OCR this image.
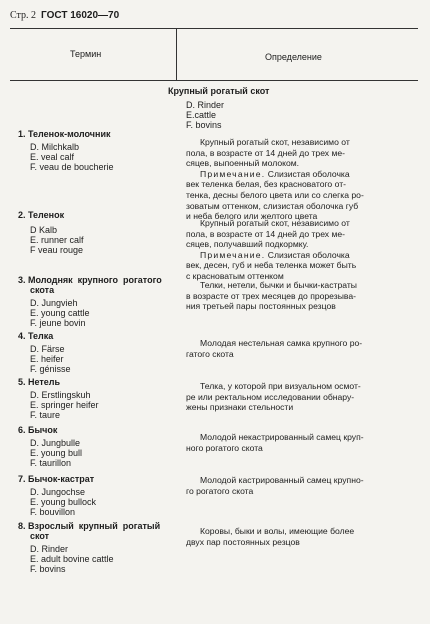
Стр. 2 ГОСТ 16020—70
Термин	Определение
Крупный рогатый скот
D. Rinder
E.cattle
F. bovins
1. Теленок-молочник
D. Milchkalb
E. veal calf
F. veau de boucherie
2. Теленок
D Kalb
E. runner calf
F veau rouge
3. Молодняк  крупного  рогатого
скота
D. Jungvieh
E. young cattle
F. jeune bovin
4. Телка
D. Färse
E. heifer
F. génisse
5. Нетель
D. Erstlingskuh
E. springer heifer
F. taure
6. Бычок
D. Jungbulle
E. young bull
F. taurillon
7. Бычок-кастрат
D. Jungochse
E. young bullock
F. bouvillon
8. Взрослый  крупный  рогатый
скот
D. Rinder
E. adult bovine cattle
F. bovins
Крупный рогатый скот, независимо от
пола, в возрасте от 14 дней до трех ме-
сяцев, выпоенный молоком.
Примечание. Слизистая оболочка
век теленка белая, без красноватого от-
тенка, десны белого цвета или со слегка ро-
зоватым оттенком, слизистая оболочка губ
и неба белого или желтого цвета
Крупный рогатый скот, независимо от
пола, в возрасте от 14 дней до трех ме-
сяцев, получавший подкормку.
Примечание. Слизистая оболочка
век, десен, губ и неба теленка может быть
с красноватым оттенком
Телки, нетели, бычки и бычки-кастраты
в возрасте от трех месяцев до прорезыва-
ния третьей пары постоянных резцов
Молодая нестельная самка крупного ро-
гатого скота
Телка, у которой при визуальном осмот-
ре или ректальном исследовании обнару-
жены признаки стельности
Молодой некастрированный самец круп-
ного рогатого скота
Молодой кастрированный самец крупно-
го рогатого скота
Коровы, быки и волы, имеющие более
двух пар постоянных резцов
